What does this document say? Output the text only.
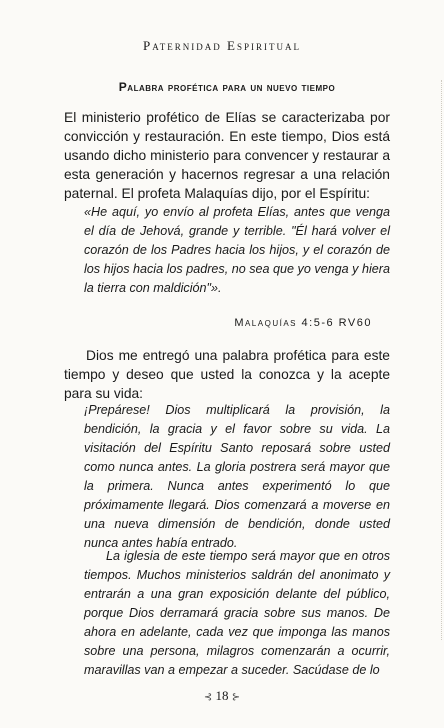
Paternidad Espiritual
Palabra profética para un nuevo tiempo

El ministerio profético de Elías se caracterizaba por convicción y restauración. En este tiempo, Dios está usando dicho ministerio para convencer y restaurar a esta generación y hacernos regresar a una relación paternal. El profeta Malaquías dijo, por el Espíritu:

«He aquí, yo envío al profeta Elías, antes que venga el día de Jehová, grande y terrible. "Él hará volver el corazón de los Padres hacia los hijos, y el corazón de los hijos hacia los padres, no sea que yo venga y hiera la tierra con maldición"».

Malaquías 4:5-6 RV60

Dios me entregó una palabra profética para este tiempo y deseo que usted la conozca y la acepte para su vida:

¡Prepárese! Dios multiplicará la provisión, la bendición, la gracia y el favor sobre su vida. La visitación del Espíritu Santo reposará sobre usted como nunca antes. La gloria postrera será mayor que la primera. Nunca antes experimentó lo que próximamente llegará. Dios comenzará a moverse en una nueva dimensión de bendición, donde usted nunca antes había entrado.

La iglesia de este tiempo será mayor que en otros tiempos. Muchos ministerios saldrán del anonimato y entrarán a una gran exposición delante del público, porque Dios derramará gracia sobre sus manos. De ahora en adelante, cada vez que imponga las manos sobre una persona, milagros comenzarán a ocurrir, maravillas van a empezar a suceder. Sacúdase de lo

⊰ 18 ⊱
